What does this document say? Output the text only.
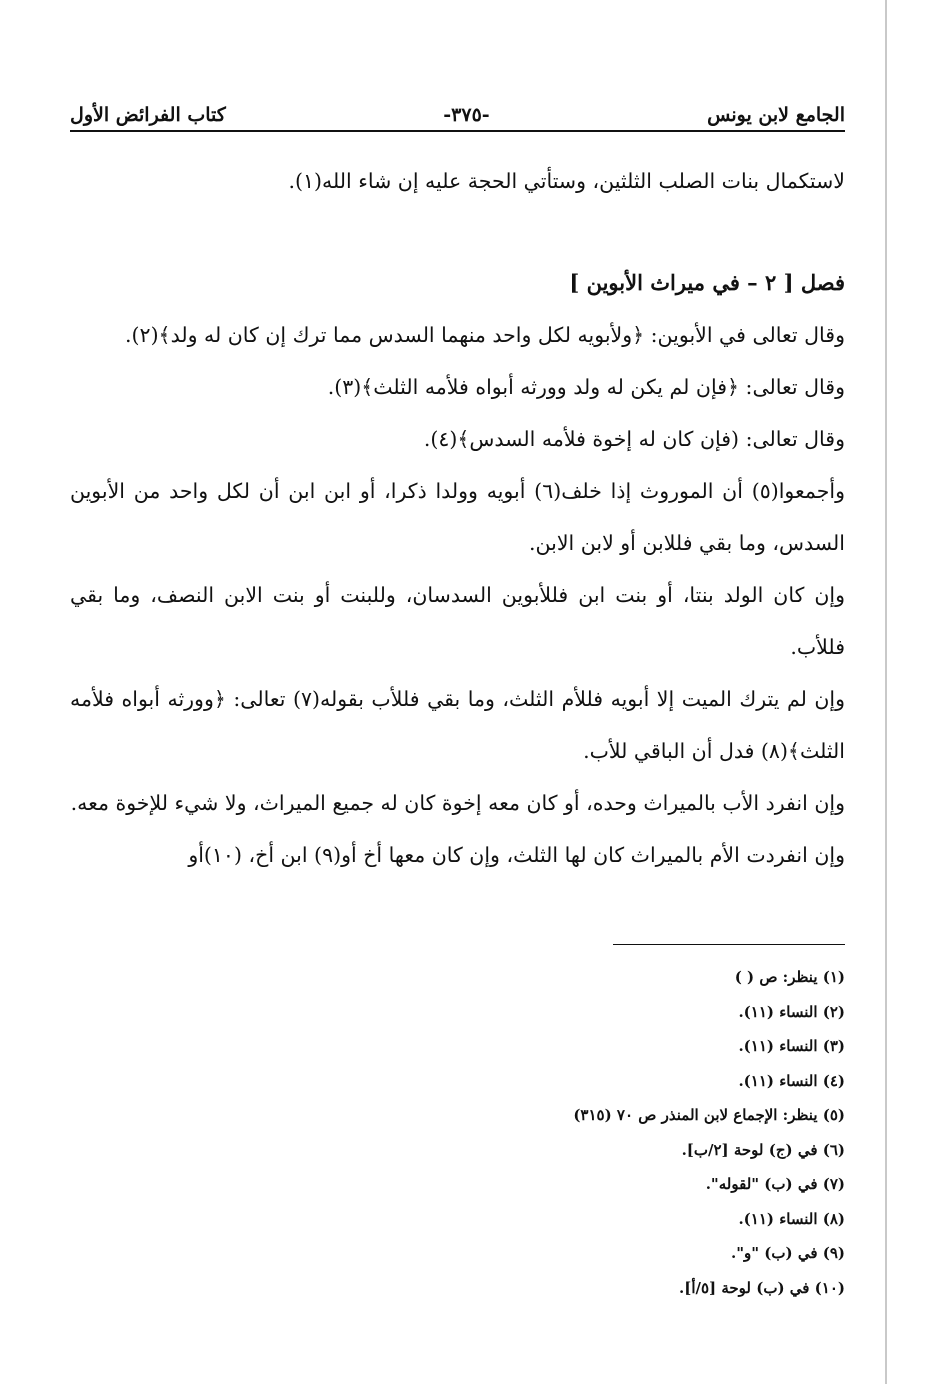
الجامع لابن يونس
-٣٧٥-
كتاب الفرائض الأول

لاستكمال بنات الصلب الثلثين، وستأتي الحجة عليه إن شاء الله(١).

فصل [ ٢ – في ميراث الأبوين ]

وقال تعالى في الأبوين: ﴿ولأبويه لكل واحد منهما السدس مما ترك إن كان له ولد﴾(٢).

وقال تعالى: ﴿فإن لم يكن له ولد وورثه أبواه فلأمه الثلث﴾(٣).

وقال تعالى: (فإن كان له إخوة فلأمه السدس﴾(٤).

وأجمعوا(٥) أن الموروث إذا خلف(٦) أبويه وولدا ذكرا، أو ابن ابن أن لكل واحد من الأبوين السدس، وما بقي فللابن أو لابن الابن.

وإن كان الولد بنتا، أو بنت ابن فللأبوين السدسان، وللبنت أو بنت الابن النصف، وما بقي فللأب.

وإن لم يترك الميت إلا أبويه فللأم الثلث، وما بقي فللأب بقوله(٧) تعالى: ﴿وورثه أبواه فلأمه الثلث﴾(٨) فدل أن الباقي للأب.

وإن انفرد الأب بالميراث وحده، أو كان معه إخوة كان له جميع الميراث، ولا شيء للإخوة معه.

وإن انفردت الأم بالميراث كان لها الثلث، وإن كان معها أخ أو(٩) ابن أخ، (١٠)أو

(١) ينظر: ص ( )
(٢) النساء (١١).
(٣) النساء (١١).
(٤) النساء (١١).
(٥) ينظر: الإجماع لابن المنذر ص ٧٠ (٣١٥)
(٦) في (ج) لوحة [٢/ب].
(٧) في (ب) "لقوله".
(٨) النساء (١١).
(٩) في (ب) "و".
(١٠) في (ب) لوحة [٥/أ].
